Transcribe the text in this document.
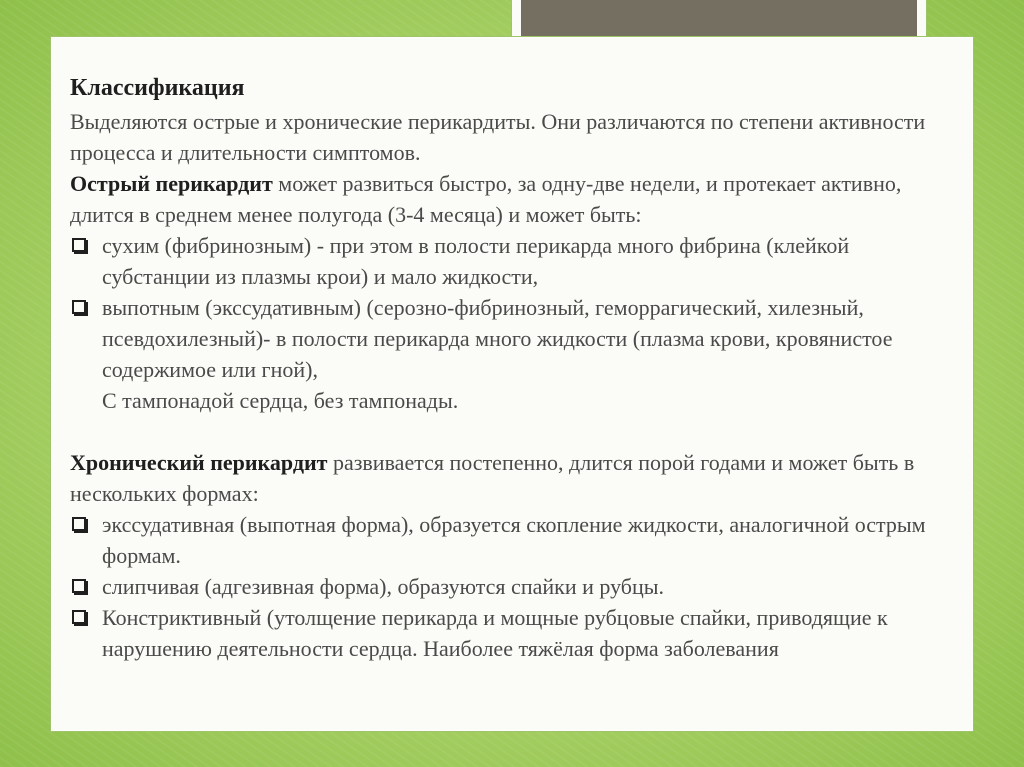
Классификация

Выделяются острые и хронические перикардиты. Они различаются по степени активности процесса и длительности симптомов.

Острый перикардит может развиться быстро, за одну-две недели, и протекает активно, длится в среднем менее полугода (3-4 месяца) и может быть:

сухим (фибринозным) - при этом в полости перикарда много фибрина (клейкой субстанции из плазмы крои) и мало жидкости,
выпотным (экссудативным) (серозно-фибринозный, геморрагический, хилезный, псевдохилезный)- в полости перикарда много жидкости (плазма крови, кровянистое содержимое или гной),

С тампонадой сердца, без тампонады.

Хронический перикардит развивается постепенно, длится порой годами и может быть в нескольких формах:

экссудативная (выпотная форма), образуется скопление жидкости, аналогичной острым формам.
слипчивая (адгезивная форма), образуются спайки и рубцы.
Констриктивный (утолщение перикарда и мощные рубцовые спайки, приводящие к нарушению деятельности сердца. Наиболее тяжёлая форма заболевания
